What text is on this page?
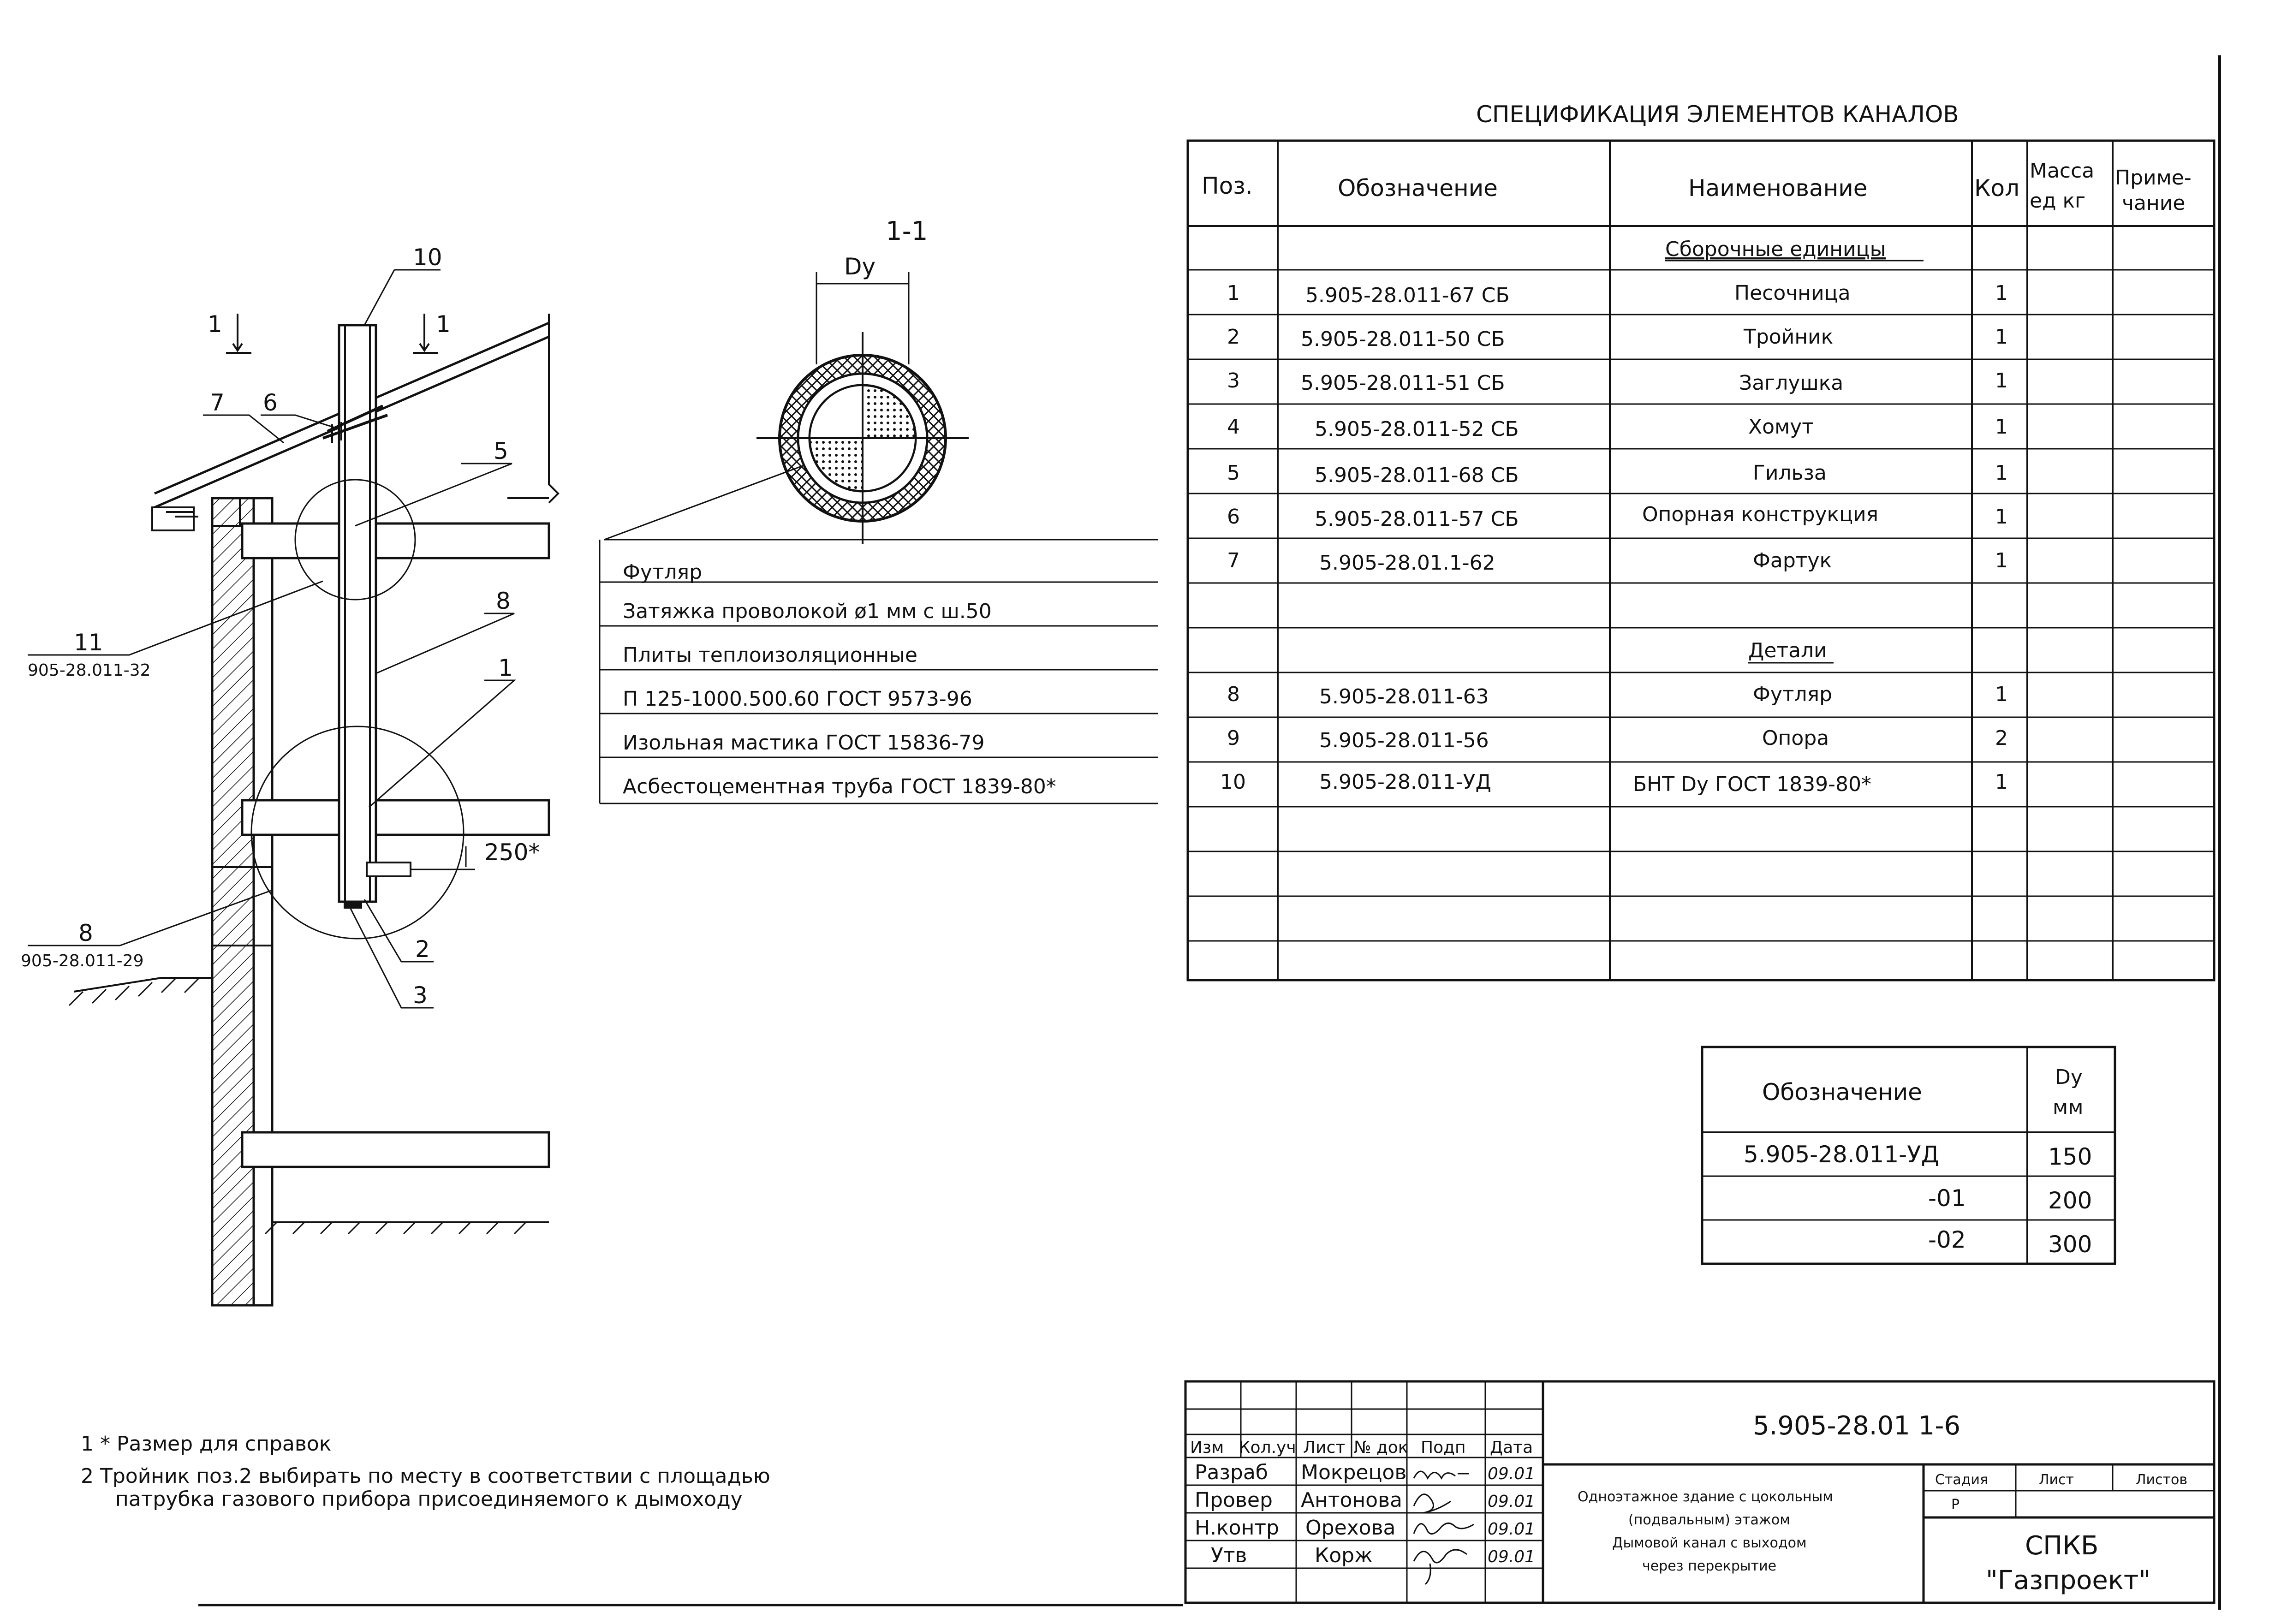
1	1
10
7 6
5
8
1
11
905-28.011-32
8
905-28.011-29	2
3
250*
1-1
Dу
Футляр
Затяжка проволокой ø1 мм с ш.50
Плиты теплоизоляционные
П 125-1000.500.60 ГОСТ 9573-96
Изольная мастика ГОСТ 15836-79
Асбестоцементная труба ГОСТ 1839-80*
СПЕЦИФИКАЦИЯ ЭЛЕМЕНТОВ КАНАЛОВ
Поз.	Обозначение	Наименование	Кол
Масса
ед кг
Приме-
чание
Сборочные единицы
1	5.905-28.011-67 СБ	Песочница	1
2	5.905-28.011-50 СБ	Тройник	1
3	5.905-28.011-51 СБ	Заглушка	1
4	5.905-28.011-52 СБ	Хомут	1
5	5.905-28.011-68 СБ	Гильза	1
6	5.905-28.011-57 СБ	Опорная конструкция	1
7	5.905-28.01.1-62	Фартук	1
Детали
8	5.905-28.011-63	Футляр	1
9	5.905-28.011-56	Опора	2
10	5.905-28.011-УД	БНТ Dу ГОСТ 1839-80*	1
Обозначение
Dу
мм
5.905-28.011-УД	150
-01	200
-02	300
1 * Размер для справок
2 Тройник поз.2 выбирать по месту в соответствии с площадью
патрубка газового прибора присоединяемого к дымоходу
Изм Кол.уч Лист № док Подп Дата
Разраб Мокрецов	09.01
Провер Антонова	09.01
Н.контр Орехова	09.01
Утв	Корж	09.01
5.905-28.01 1-6
Одноэтажное здание с цокольным
(подвальным) этажом
Дымовой канал с выходом
через перекрытие
Стадия	Лист	Листов
Р
СПКБ
"Газпроект"
